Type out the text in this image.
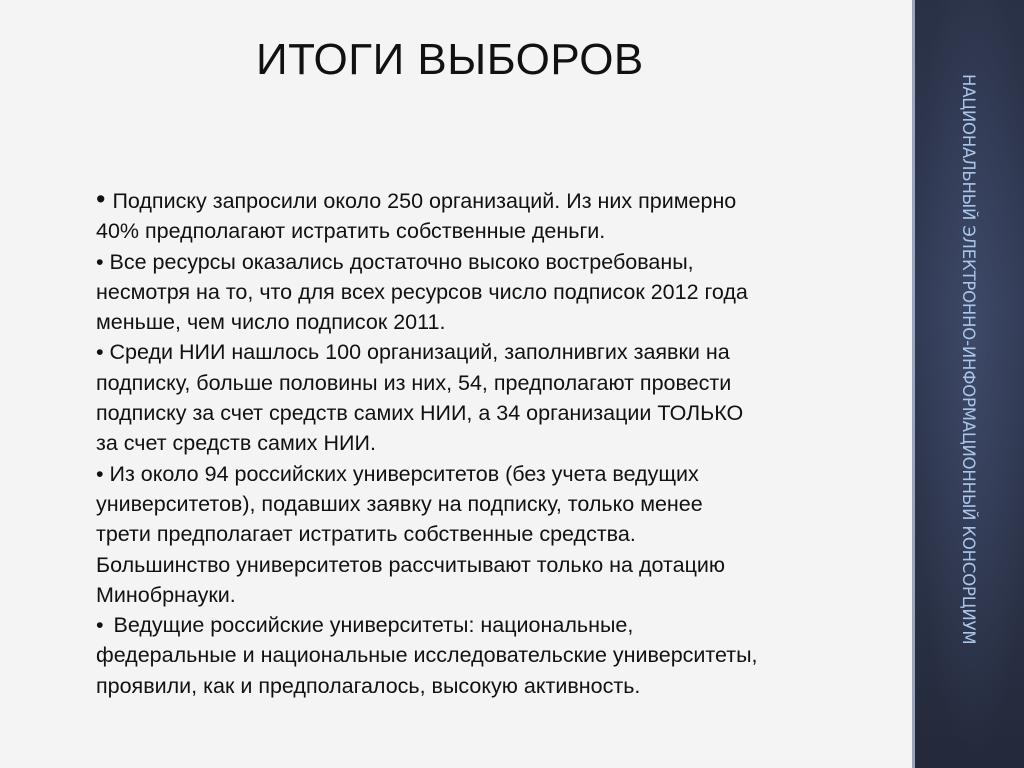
ИТОГИ ВЫБОРОВ
• Подписку запросили около 250 организаций. Из них примерно
40% предполагают истратить собственные деньги.
• Все ресурсы оказались достаточно высоко востребованы,
несмотря на то, что для всех ресурсов число подписок 2012 года
меньше, чем число подписок 2011.
• Среди НИИ нашлось 100 организаций, заполнивгих заявки на
подписку, больше половины из них, 54, предполагают провести
подписку за счет средств самих НИИ, а 34 организации ТОЛЬКО
за счет средств самих НИИ.
• Из около 94 российских университетов (без учета ведущих
университетов), подавших заявку на подписку, только менее
трети предполагает истратить собственные средства.
Большинство университетов рассчитывают только на дотацию
Минобрнауки.
• Ведущие российские университеты: национальные,
федеральные и национальные исследовательские университеты,
проявили, как и предполагалось, высокую активность.
НАЦИОНАЛЬНЫЙ ЭЛЕКТРОННО-ИНФОРМАЦИОННЫЙ КОНСОРЦИУМ
